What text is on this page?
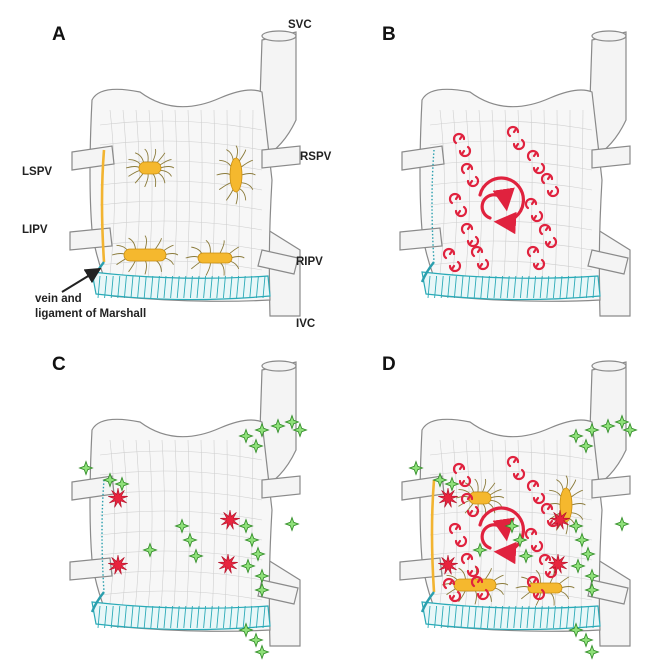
A	SVC
RSPV
LSPV
LIPV
RIPV
IVC
vein and
ligament of Marshall
B
C	D
